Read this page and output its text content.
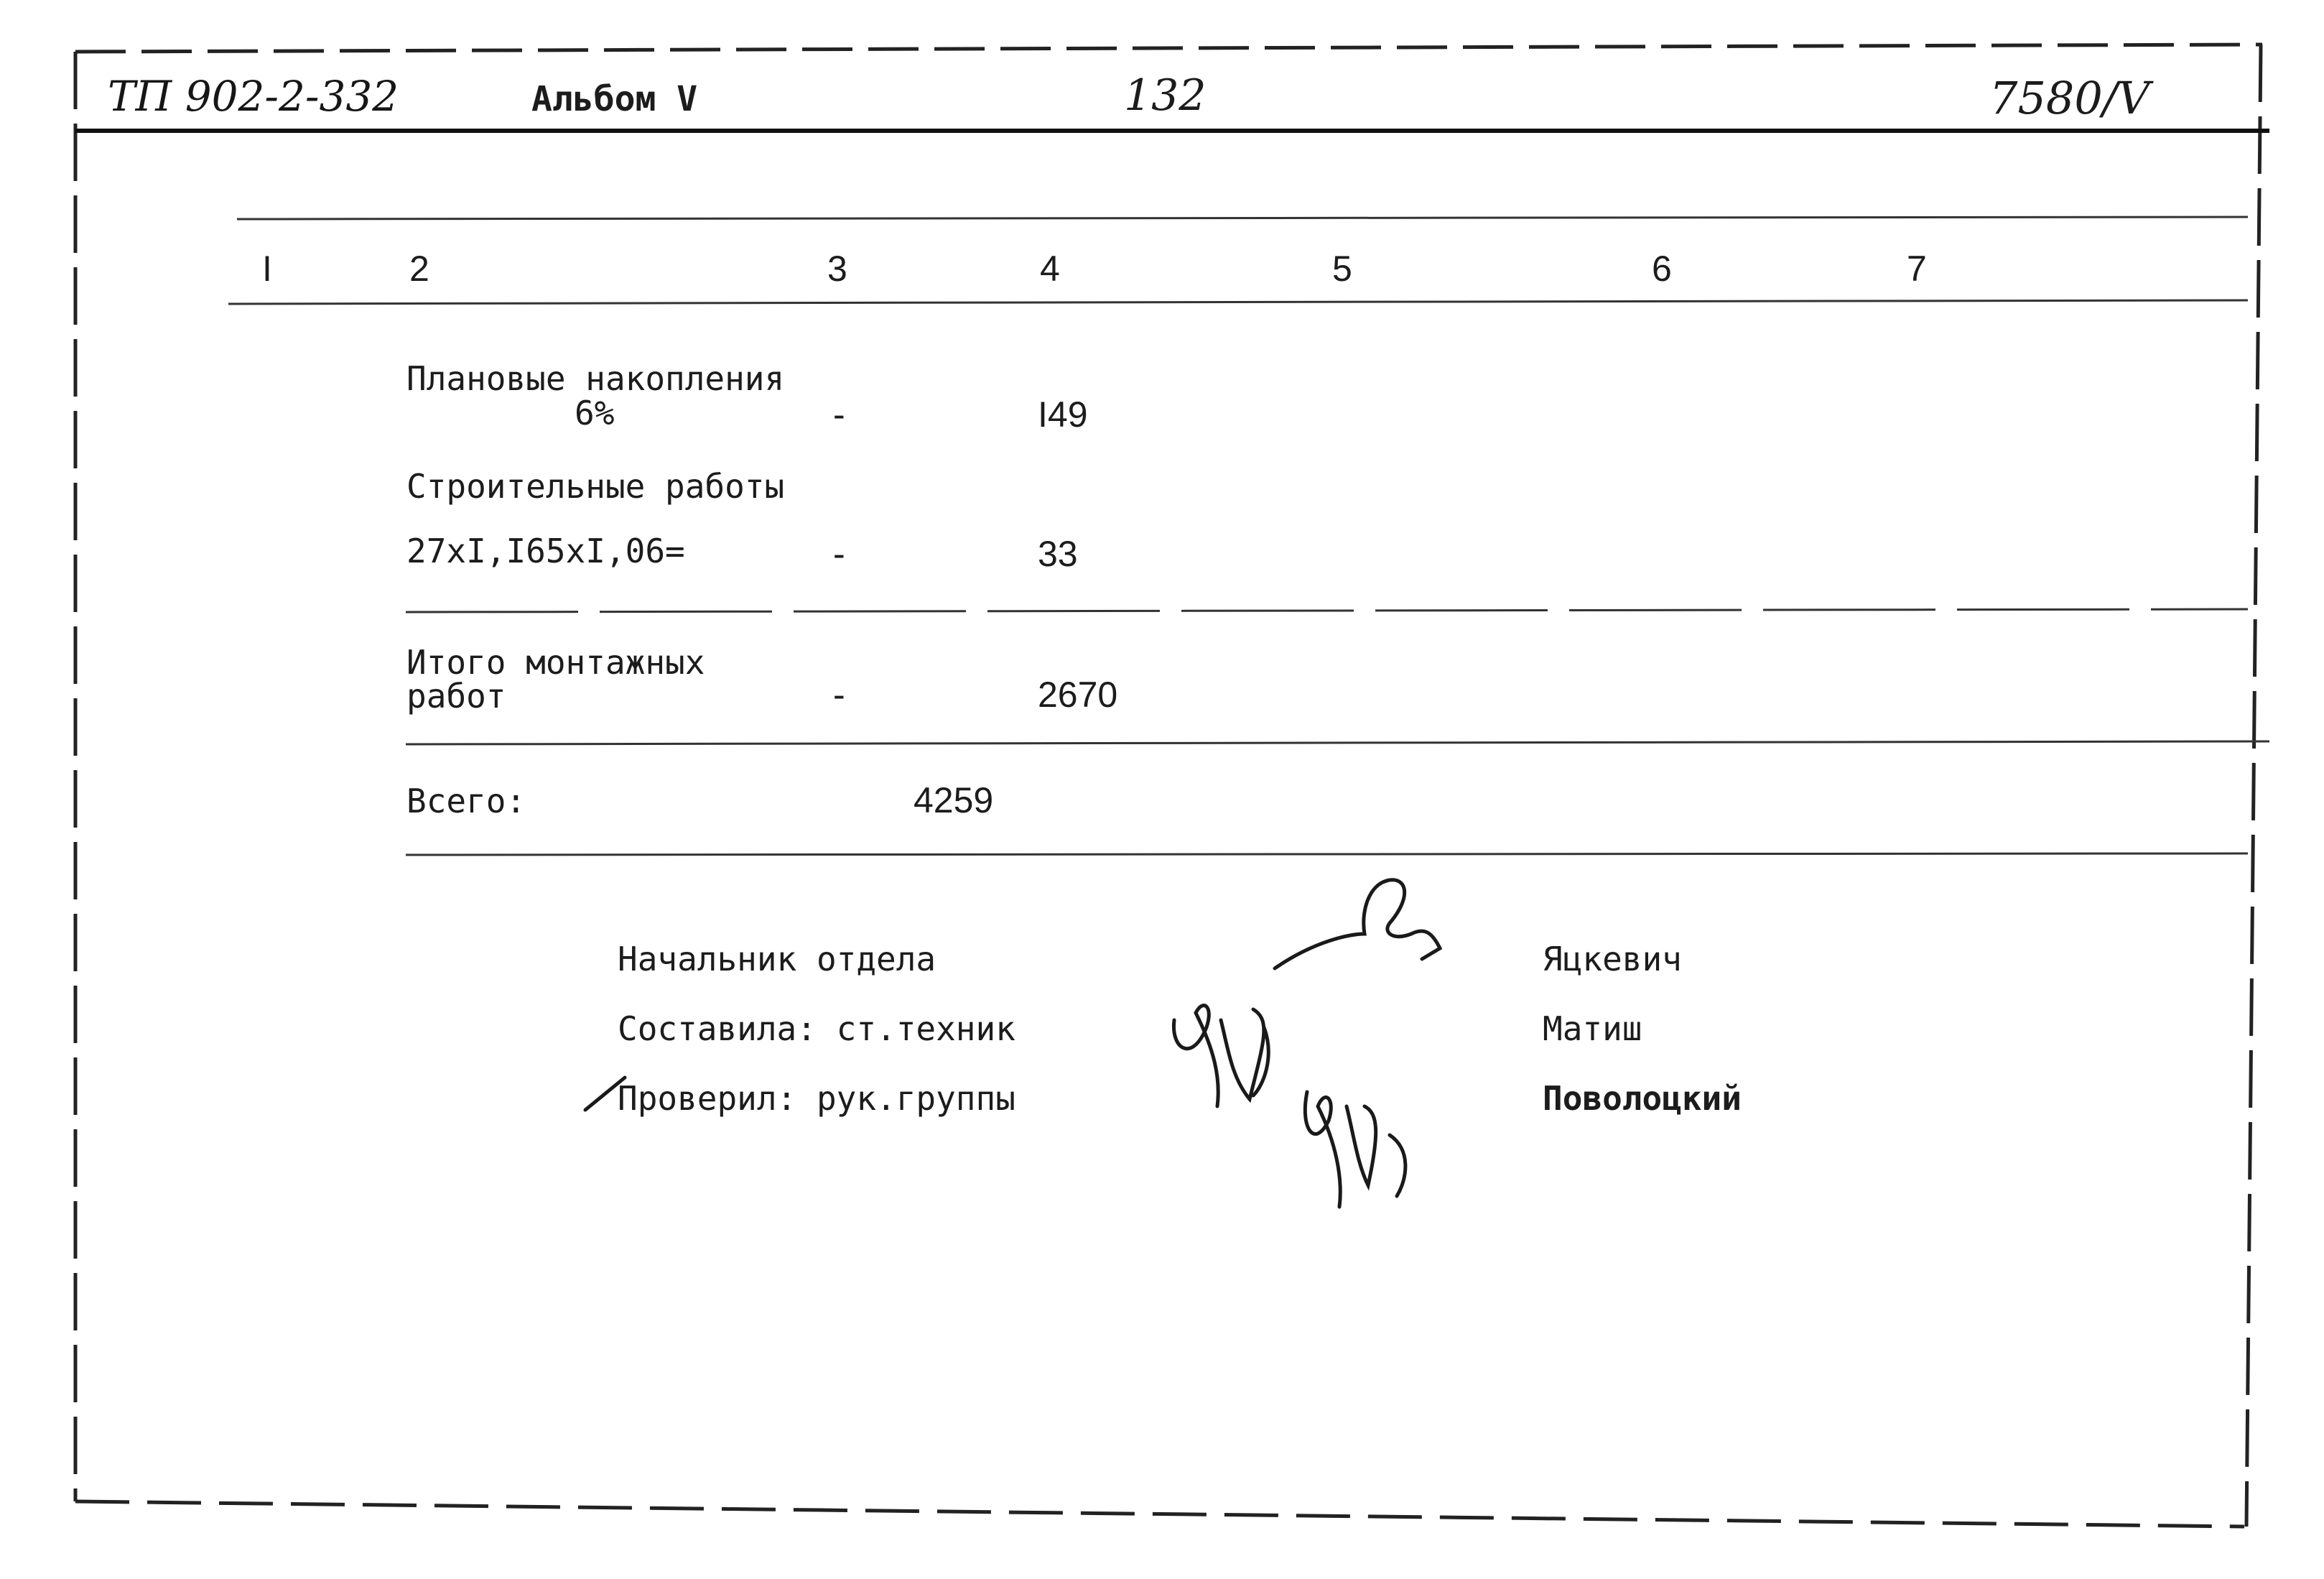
ТП 902-2-332	Альбом V	132	7580/V
I	2	3	4	5	6	7
Плановые накопления
6%	-	I49
Строительные работы
27xI,I65xI,06=	-	33
Итого монтажных
работ	-	2670
Всего:	4259
Начальник отдела	Яцкевич
Составила: ст.техник	Матиш
Проверил: рук.группы	Поволоцкий
